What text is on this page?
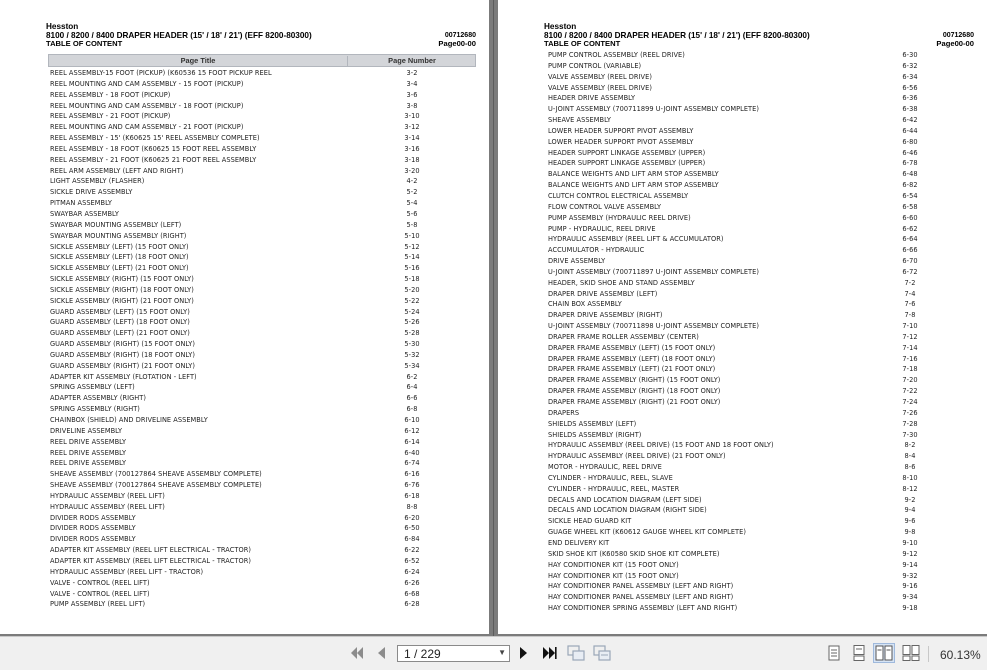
Hesston
8100 / 8200 / 8400 DRAPER HEADER (15' / 18' / 21') (EFF 8200-80300)	00712680
TABLE OF CONTENT	Page00-00
Page Title	Page Number
Hesston
8100 / 8200 / 8400 DRAPER HEADER (15' / 18' / 21') (EFF 8200-80300)	00712680
TABLE OF CONTENT	Page00-00
REEL ASSEMBLY-15 FOOT (PICKUP) (K60536 15 FOOT PICKUP REEL	3-2
REEL MOUNTING AND CAM ASSEMBLY - 15 FOOT (PICKUP)	3-4
REEL ASSEMBLY - 18 FOOT (PICKUP)	3-6
REEL MOUNTING AND CAM ASSEMBLY - 18 FOOT (PICKUP)	3-8
REEL ASSEMBLY - 21 FOOT (PICKUP)	3-10
REEL MOUNTING AND CAM ASSEMBLY - 21 FOOT (PICKUP)	3-12
REEL ASSEMBLY - 15' (K60625 15' REEL ASSEMBLY COMPLETE)	3-14
REEL ASSEMBLY - 18 FOOT (K60625 15 FOOT REEL ASSEMBLY	3-16
REEL ASSEMBLY - 21 FOOT (K60625 21 FOOT REEL ASSEMBLY	3-18
REEL ARM ASSEMBLY (LEFT AND RIGHT)	3-20
LIGHT ASSEMBLY (FLASHER)	4-2
SICKLE DRIVE ASSEMBLY	5-2
PITMAN ASSEMBLY	5-4
SWAYBAR ASSEMBLY	5-6
SWAYBAR MOUNTING ASSEMBLY (LEFT)	5-8
SWAYBAR MOUNTING ASSEMBLY (RIGHT)	5-10
SICKLE ASSEMBLY (LEFT) (15 FOOT ONLY)	5-12
SICKLE ASSEMBLY (LEFT) (18 FOOT ONLY)	5-14
SICKLE ASSEMBLY (LEFT) (21 FOOT ONLY)	5-16
SICKLE ASSEMBLY (RIGHT) (15 FOOT ONLY)	5-18
SICKLE ASSEMBLY (RIGHT) (18 FOOT ONLY)	5-20
SICKLE ASSEMBLY (RIGHT) (21 FOOT ONLY)	5-22
GUARD ASSEMBLY (LEFT) (15 FOOT ONLY)	5-24
GUARD ASSEMBLY (LEFT) (18 FOOT ONLY)	5-26
GUARD ASSEMBLY (LEFT) (21 FOOT ONLY)	5-28
GUARD ASSEMBLY (RIGHT) (15 FOOT ONLY)	5-30
GUARD ASSEMBLY (RIGHT) (18 FOOT ONLY)	5-32
GUARD ASSEMBLY (RIGHT) (21 FOOT ONLY)	5-34
ADAPTER KIT ASSEMBLY (FLOTATION - LEFT)	6-2
SPRING ASSEMBLY (LEFT)	6-4
ADAPTER ASSEMBLY (RIGHT)	6-6
SPRING ASSEMBLY (RIGHT)	6-8
CHAINBOX (SHIELD) AND DRIVELINE ASSEMBLY	6-10
DRIVELINE ASSEMBLY	6-12
REEL DRIVE ASSEMBLY	6-14
REEL DRIVE ASSEMBLY	6-40
REEL DRIVE ASSEMBLY	6-74
SHEAVE ASSEMBLY (700127864 SHEAVE ASSEMBLY COMPLETE)	6-16
SHEAVE ASSEMBLY (700127864 SHEAVE ASSEMBLY COMPLETE)	6-76
HYDRAULIC ASSEMBLY (REEL LIFT)	6-18
HYDRAULIC ASSEMBLY (REEL LIFT)	8-8
DIVIDER RODS ASSEMBLY	6-20
DIVIDER RODS ASSEMBLY	6-50
DIVIDER RODS ASSEMBLY	6-84
ADAPTER KIT ASSEMBLY (REEL LIFT ELECTRICAL - TRACTOR)	6-22
ADAPTER KIT ASSEMBLY (REEL LIFT ELECTRICAL - TRACTOR)	6-52
HYDRAULIC ASSEMBLY (REEL LIFT - TRACTOR)	6-24
VALVE - CONTROL (REEL LIFT)	6-26
VALVE - CONTROL (REEL LIFT)	6-68
PUMP ASSEMBLY (REEL LIFT)	6-28
PUMP CONTROL ASSEMBLY (REEL DRIVE)	6-30
PUMP CONTROL (VARIABLE)	6-32
VALVE ASSEMBLY (REEL DRIVE)	6-34
VALVE ASSEMBLY (REEL DRIVE)	6-56
HEADER DRIVE ASSEMBLY	6-36
U-JOINT ASSEMBLY (700711899 U-JOINT ASSEMBLY COMPLETE)	6-38
SHEAVE ASSEMBLY	6-42
LOWER HEADER SUPPORT PIVOT ASSEMBLY	6-44
LOWER HEADER SUPPORT PIVOT ASSEMBLY	6-80
HEADER SUPPORT LINKAGE ASSEMBLY (UPPER)	6-46
HEADER SUPPORT LINKAGE ASSEMBLY (UPPER)	6-78
BALANCE WEIGHTS AND LIFT ARM STOP ASSEMBLY	6-48
BALANCE WEIGHTS AND LIFT ARM STOP ASSEMBLY	6-82
CLUTCH CONTROL ELECTRICAL ASSEMBLY	6-54
FLOW CONTROL VALVE ASSEMBLY	6-58
PUMP ASSEMBLY (HYDRAULIC REEL DRIVE)	6-60
PUMP - HYDRAULIC, REEL DRIVE	6-62
HYDRAULIC ASSEMBLY (REEL LIFT & ACCUMULATOR)	6-64
ACCUMULATOR - HYDRAULIC	6-66
DRIVE ASSEMBLY	6-70
U-JOINT ASSEMBLY (700711897 U-JOINT ASSEMBLY COMPLETE)	6-72
HEADER, SKID SHOE AND STAND ASSEMBLY	7-2
DRAPER DRIVE ASSEMBLY (LEFT)	7-4
CHAIN BOX ASSEMBLY	7-6
DRAPER DRIVE ASSEMBLY (RIGHT)	7-8
U-JOINT ASSEMBLY (700711898 U-JOINT ASSEMBLY COMPLETE)	7-10
DRAPER FRAME ROLLER ASSEMBLY (CENTER)	7-12
DRAPER FRAME ASSEMBLY (LEFT) (15 FOOT ONLY)	7-14
DRAPER FRAME ASSEMBLY (LEFT) (18 FOOT ONLY)	7-16
DRAPER FRAME ASSEMBLY (LEFT) (21 FOOT ONLY)	7-18
DRAPER FRAME ASSEMBLY (RIGHT) (15 FOOT ONLY)	7-20
DRAPER FRAME ASSEMBLY (RIGHT) (18 FOOT ONLY)	7-22
DRAPER FRAME ASSEMBLY (RIGHT) (21 FOOT ONLY)	7-24
DRAPERS	7-26
SHIELDS ASSEMBLY (LEFT)	7-28
SHIELDS ASSEMBLY (RIGHT)	7-30
HYDRAULIC ASSEMBLY (REEL DRIVE) (15 FOOT AND 18 FOOT ONLY)	8-2
HYDRAULIC ASSEMBLY (REEL DRIVE) (21 FOOT ONLY)	8-4
MOTOR - HYDRAULIC, REEL DRIVE	8-6
CYLINDER - HYDRAULIC, REEL, SLAVE	8-10
CYLINDER - HYDRAULIC, REEL, MASTER	8-12
DECALS AND LOCATION DIAGRAM (LEFT SIDE)	9-2
DECALS AND LOCATION DIAGRAM (RIGHT SIDE)	9-4
SICKLE HEAD GUARD KIT	9-6
GUAGE WHEEL KIT (K60612 GAUGE WHEEL KIT COMPLETE)	9-8
END DELIVERY KIT	9-10
SKID SHOE KIT (K60580 SKID SHOE KIT COMPLETE)	9-12
HAY CONDITIONER KIT (15 FOOT ONLY)	9-14
HAY CONDITIONER KIT (15 FOOT ONLY)	9-32
HAY CONDITIONER PANEL ASSEMBLY (LEFT AND RIGHT)	9-16
HAY CONDITIONER PANEL ASSEMBLY (LEFT AND RIGHT)	9-34
HAY CONDITIONER SPRING ASSEMBLY (LEFT AND RIGHT)	9-18
1 / 229	▼	60.13%
